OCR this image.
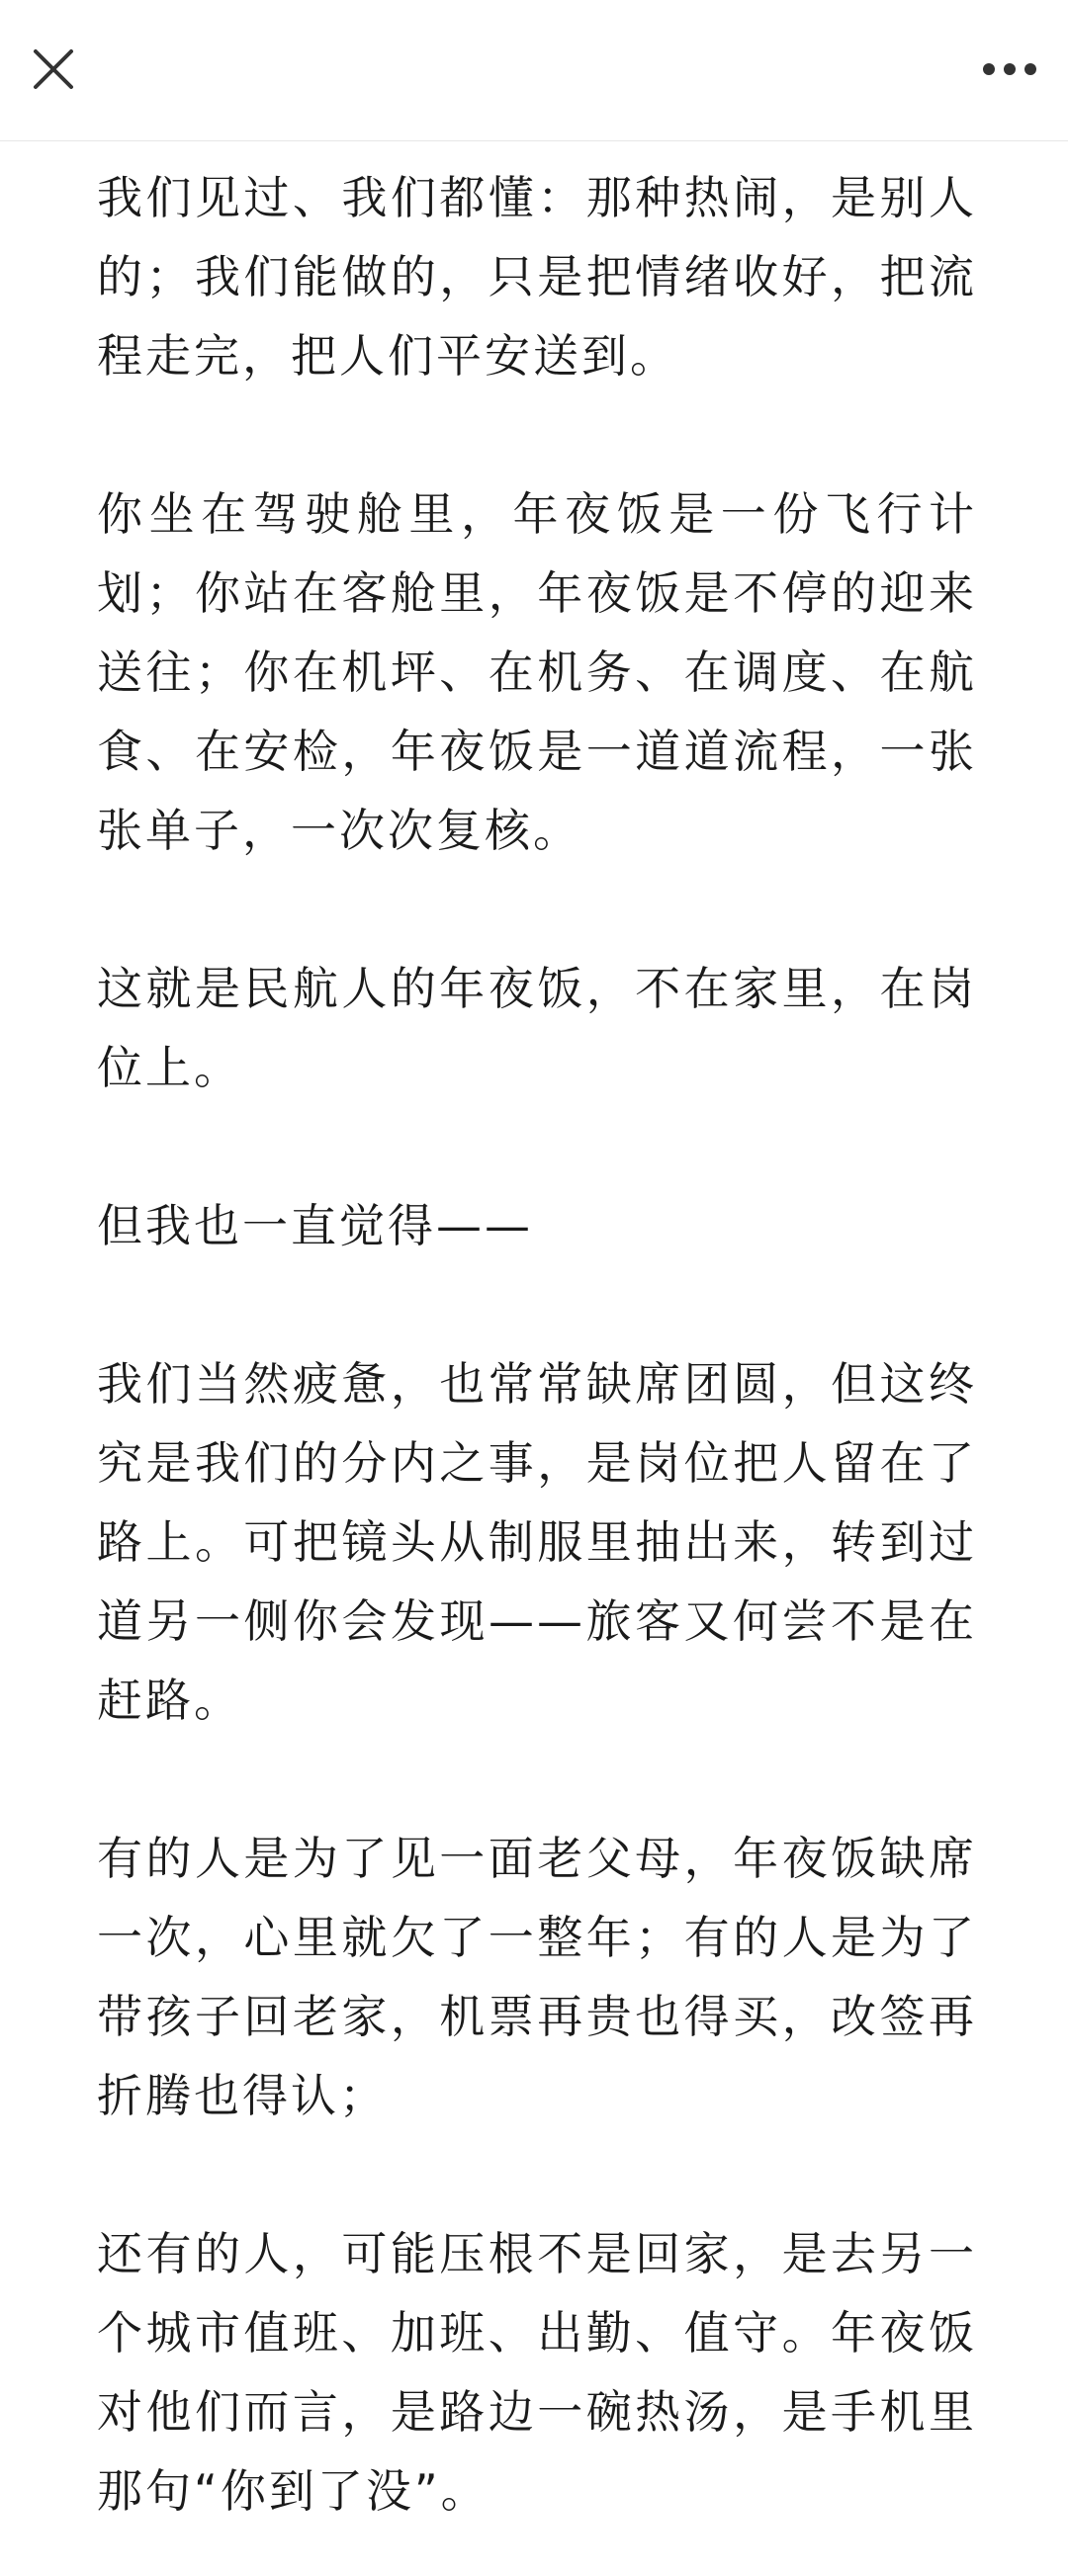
我们见过、我们都懂：那种热闹，是别人的；我们能做的，只是把情绪收好，把流程走完，把人们平安送到。

你坐在驾驶舱里，年夜饭是一份飞行计划；你站在客舱里，年夜饭是不停的迎来送往；你在机坪、在机务、在调度、在航食、在安检，年夜饭是一道道流程，一张张单子，一次次复核。

这就是民航人的年夜饭，不在家里，在岗位上。

但我也一直觉得——

我们当然疲惫，也常常缺席团圆，但这终究是我们的分内之事，是岗位把人留在了路上。可把镜头从制服里抽出来，转到过道另一侧你会发现——旅客又何尝不是在赶路。

有的人是为了见一面老父母，年夜饭缺席一次，心里就欠了一整年；有的人是为了带孩子回老家，机票再贵也得买，改签再折腾也得认；

还有的人，可能压根不是回家，是去另一个城市值班、加班、出勤、值守。年夜饭对他们而言，是路边一碗热汤，是手机里那句“你到了没”。
